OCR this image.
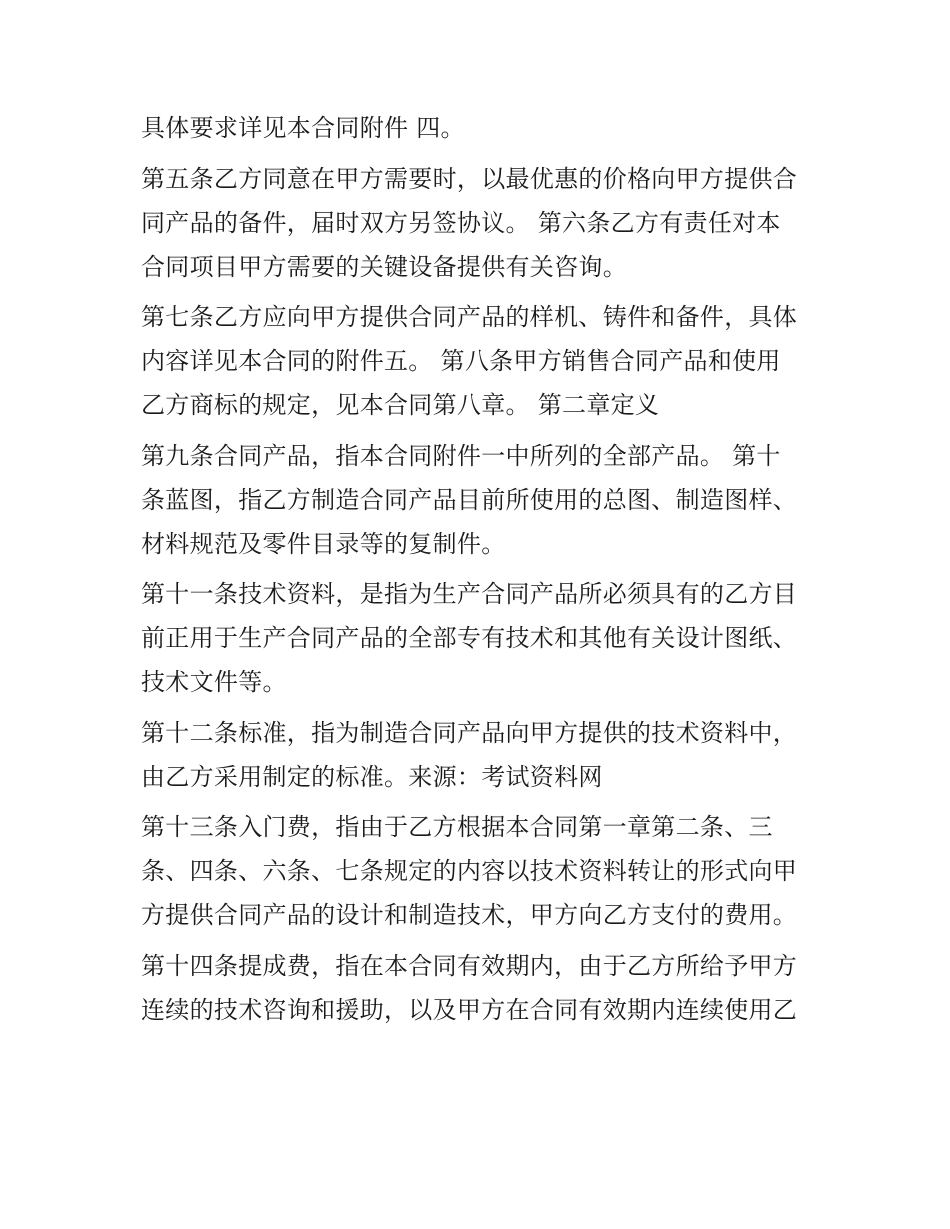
具体要求详见本合同附件 四。
第五条乙方同意在甲方需要时，以最优惠的价格向甲方提供合
同产品的备件，届时双方另签协议。 第六条乙方有责任对本
合同项目甲方需要的关键设备提供有关咨询。
第七条乙方应向甲方提供合同产品的样机、铸件和备件，具体
内容详见本合同的附件五。 第八条甲方销售合同产品和使用
乙方商标的规定，见本合同第八章。 第二章定义
第九条合同产品，指本合同附件一中所列的全部产品。 第十
条蓝图，指乙方制造合同产品目前所使用的总图、制造图样、
材料规范及零件目录等的复制件。
第十一条技术资料，是指为生产合同产品所必须具有的乙方目
前正用于生产合同产品的全部专有技术和其他有关设计图纸、
技术文件等。
第十二条标准，指为制造合同产品向甲方提供的技术资料中，
由乙方采用制定的标准。来源：考试资料网
第十三条入门费，指由于乙方根据本合同第一章第二条、三
条、四条、六条、七条规定的内容以技术资料转让的形式向甲
方提供合同产品的设计和制造技术，甲方向乙方支付的费用。
第十四条提成费，指在本合同有效期内，由于乙方所给予甲方
连续的技术咨询和援助，以及甲方在合同有效期内连续使用乙
